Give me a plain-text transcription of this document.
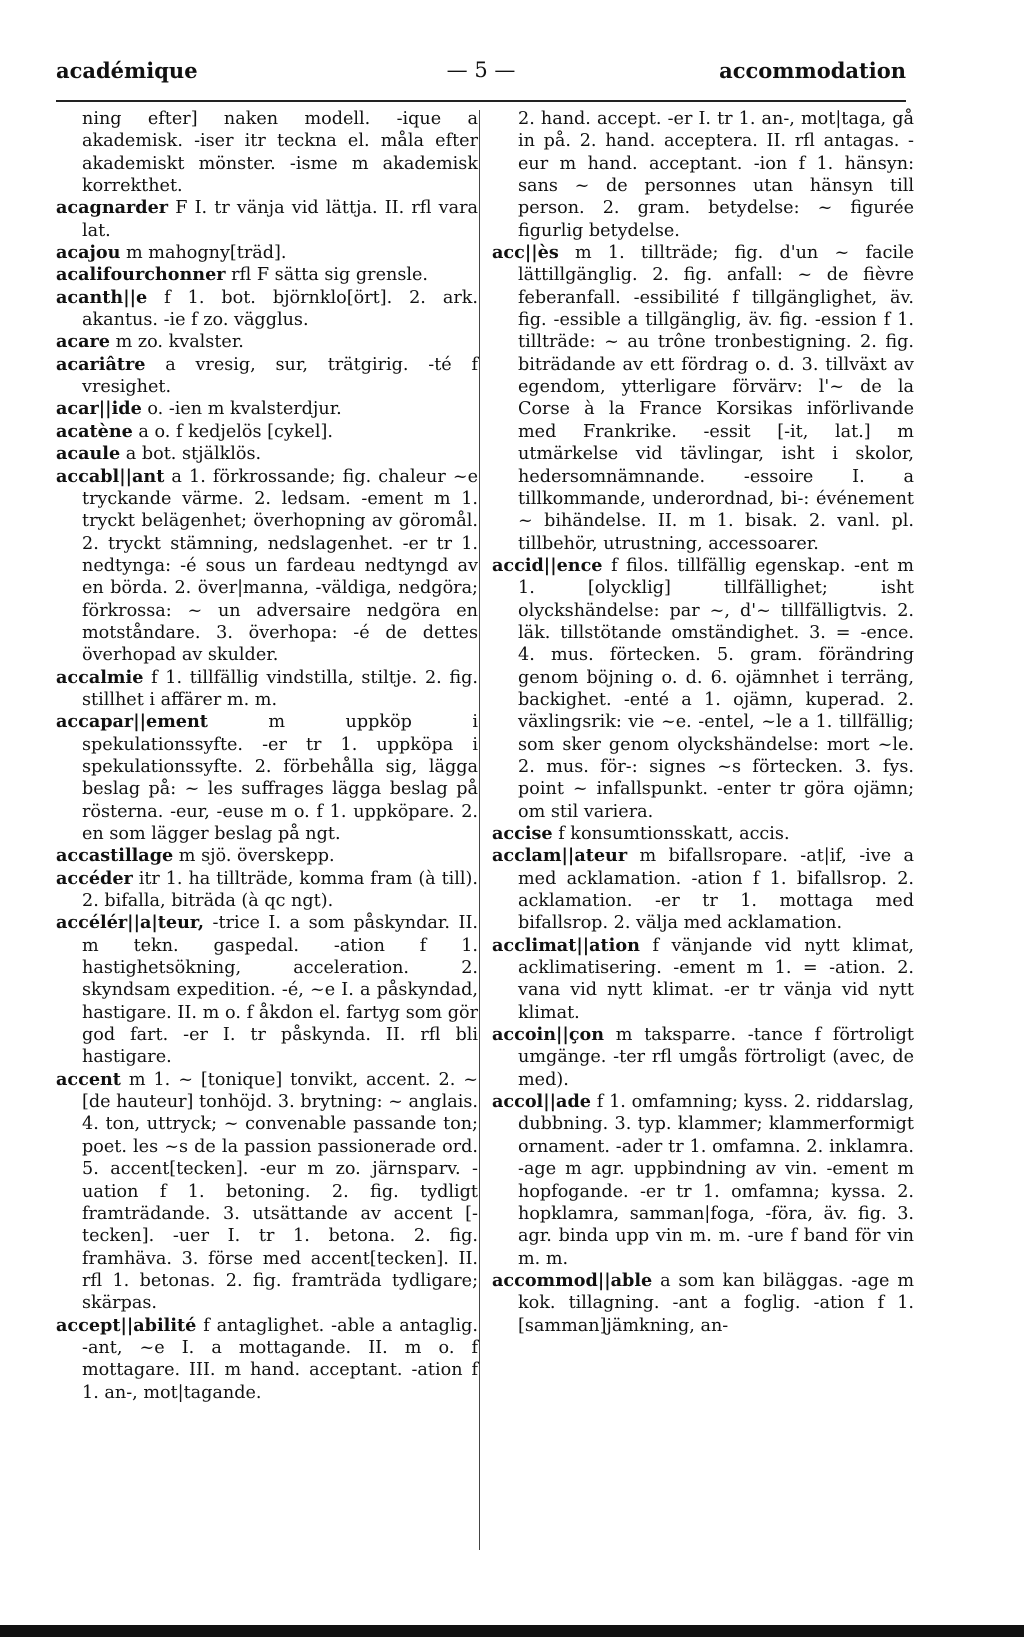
académique	— 5 —	accommodation

ning efter] naken modell. -ique a akademisk. -iser itr teckna el. måla efter akademiskt mönster. -isme m akademisk korrekthet.

acagnarder F I. tr vänja vid lättja. II. rfl vara lat.

acajou m mahogny[träd].

acalifourchonner rfl F sätta sig grensle.

acanth||e f 1. bot. björnklo[ört]. 2. ark. akantus. -ie f zo. vägglus.

acare m zo. kvalster.

acariâtre a vresig, sur, trätgirig. -té f vresighet.

acar||ide o. -ien m kvalsterdjur.

acatène a o. f kedjelös [cykel].

acaule a bot. stjälklös.

accabl||ant a 1. förkrossande; fig. chaleur ~e tryckande värme. 2. ledsam. -ement m 1. tryckt belägenhet; överhopning av göromål. 2. tryckt stämning, nedslagenhet. -er tr 1. nedtynga: -é sous un fardeau nedtyngd av en börda. 2. över|manna, -väldiga, nedgöra; förkrossa: ~ un adversaire nedgöra en motståndare. 3. överhopa: -é de dettes överhopad av skulder.

accalmie f 1. tillfällig vindstilla, stiltje. 2. fig. stillhet i affärer m. m.

accapar||ement m uppköp i spekulationssyfte. -er tr 1. uppköpa i spekulationssyfte. 2. förbehålla sig, lägga beslag på: ~ les suffrages lägga beslag på rösterna. -eur, -euse m o. f 1. uppköpare. 2. en som lägger beslag på ngt.

accastillage m sjö. överskepp.

accéder itr 1. ha tillträde, komma fram (à till). 2. bifalla, biträda (à qc ngt).

accélér||a|teur, -trice I. a som påskyndar. II. m tekn. gaspedal. -ation f 1. hastighetsökning, acceleration. 2. skyndsam expedition. -é, ~e I. a påskyndad, hastigare. II. m o. f åkdon el. fartyg som gör god fart. -er I. tr påskynda. II. rfl bli hastigare.

accent m 1. ~ [tonique] tonvikt, accent. 2. ~ [de hauteur] tonhöjd. 3. brytning: ~ anglais. 4. ton, uttryck; ~ convenable passande ton; poet. les ~s de la passion passionerade ord. 5. accent[tecken]. -eur m zo. järnsparv. -uation f 1. betoning. 2. fig. tydligt framträdande. 3. utsättande av accent [-tecken]. -uer I. tr 1. betona. 2. fig. framhäva. 3. förse med accent[tecken]. II. rfl 1. betonas. 2. fig. framträda tydligare; skärpas.

accept||abilité f antaglighet. -able a antaglig. -ant, ~e I. a mottagande. II. m o. f mottagare. III. m hand. acceptant. -ation f 1. an-, mot|tagande.

2. hand. accept. -er I. tr 1. an-, mot|taga, gå in på. 2. hand. acceptera. II. rfl antagas. -eur m hand. acceptant. -ion f 1. hänsyn: sans ~ de personnes utan hänsyn till person. 2. gram. betydelse: ~ figurée figurlig betydelse.

acc||ès m 1. tillträde; fig. d'un ~ facile lättillgänglig. 2. fig. anfall: ~ de fièvre feberanfall. -essibilité f tillgänglighet, äv. fig. -essible a tillgänglig, äv. fig. -ession f 1. tillträde: ~ au trône tronbestigning. 2. fig. biträdande av ett fördrag o. d. 3. tillväxt av egendom, ytterligare förvärv: l'~ de la Corse à la France Korsikas införlivande med Frankrike. -essit [-it, lat.] m utmärkelse vid tävlingar, isht i skolor, hedersomnämnande. -essoire I. a tillkommande, underordnad, bi-: événement ~ bihändelse. II. m 1. bisak. 2. vanl. pl. tillbehör, utrustning, accessoarer.

accid||ence f filos. tillfällig egenskap. -ent m 1. [olycklig] tillfällighet; isht olyckshändelse: par ~, d'~ tillfälligtvis. 2. läk. tillstötande omständighet. 3. = -ence. 4. mus. förtecken. 5. gram. förändring genom böjning o. d. 6. ojämnhet i terräng, backighet. -enté a 1. ojämn, kuperad. 2. växlingsrik: vie ~e. -entel, ~le a 1. tillfällig; som sker genom olyckshändelse: mort ~le. 2. mus. för-: signes ~s förtecken. 3. fys. point ~ infallspunkt. -enter tr göra ojämn; om stil variera.

accise f konsumtionsskatt, accis.

acclam||ateur m bifallsropare. -at|if, -ive a med acklamation. -ation f 1. bifallsrop. 2. acklamation. -er tr 1. mottaga med bifallsrop. 2. välja med acklamation.

acclimat||ation f vänjande vid nytt klimat, acklimatisering. -ement m 1. = -ation. 2. vana vid nytt klimat. -er tr vänja vid nytt klimat.

accoin||çon m taksparre. -tance f förtroligt umgänge. -ter rfl umgås förtroligt (avec, de med).

accol||ade f 1. omfamning; kyss. 2. riddarslag, dubbning. 3. typ. klammer; klammerformigt ornament. -ader tr 1. omfamna. 2. inklamra. -age m agr. uppbindning av vin. -ement m hopfogande. -er tr 1. omfamna; kyssa. 2. hopklamra, samman|foga, -föra, äv. fig. 3. agr. binda upp vin m. m. -ure f band för vin m. m.

accommod||able a som kan biläggas. -age m kok. tillagning. -ant a foglig. -ation f 1. [samman]jämkning, an-
